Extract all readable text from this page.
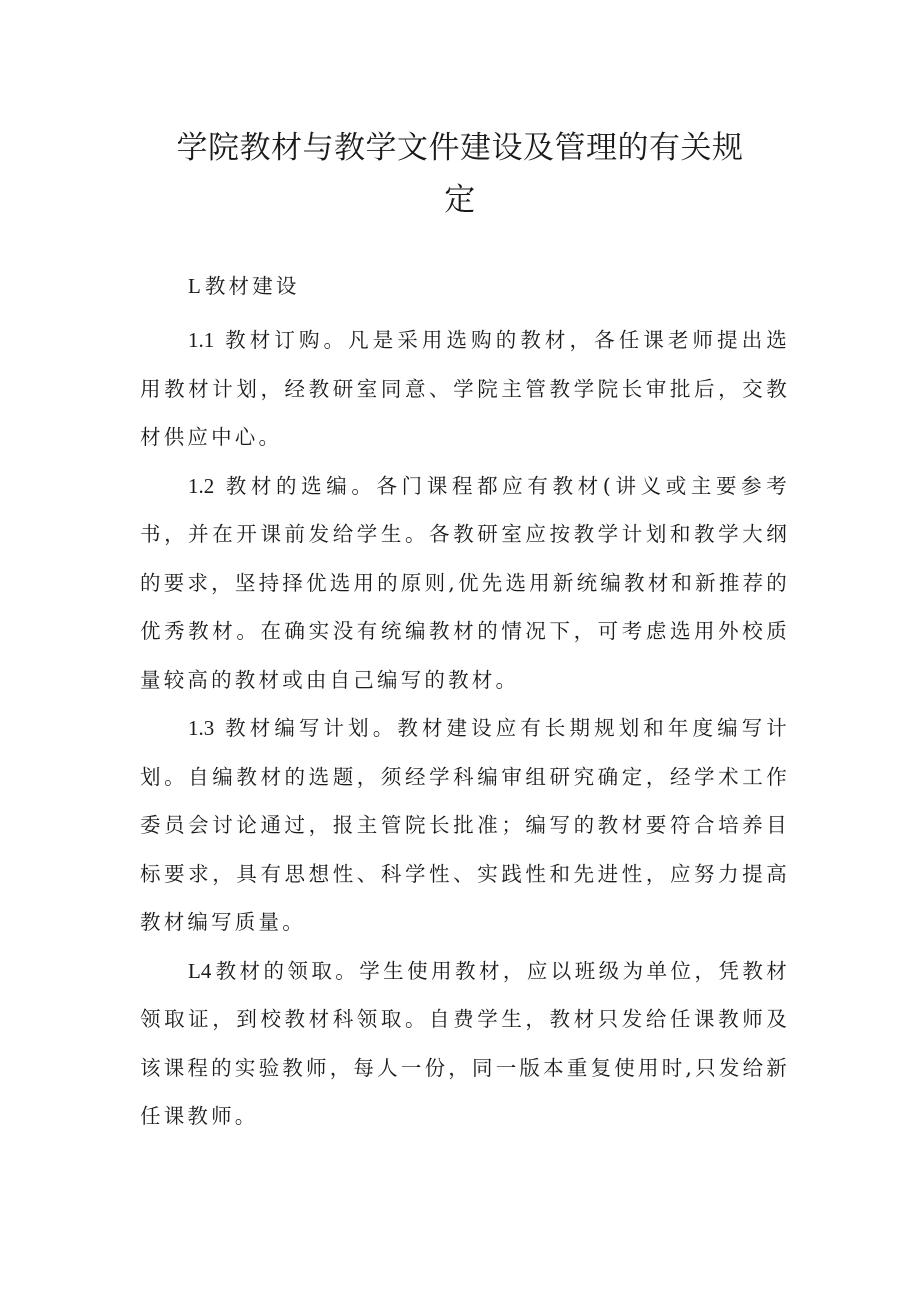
学院教材与教学文件建设及管理的有关规
定

L 教材建设

1.1 教材订购。凡是采用选购的教材，各任课老师提出选用教材计划，经教研室同意、学院主管教学院长审批后，交教材供应中心。

1.2 教材的选编。各门课程都应有教材(讲义或主要参考书，并在开课前发给学生。各教研室应按教学计划和教学大纲的要求，坚持择优选用的原则,优先选用新统编教材和新推荐的优秀教材。在确实没有统编教材的情况下，可考虑选用外校质量较高的教材或由自己编写的教材。

1.3 教材编写计划。教材建设应有长期规划和年度编写计划。自编教材的选题，须经学科编审组研究确定，经学术工作委员会讨论通过，报主管院长批准；编写的教材要符合培养目标要求，具有思想性、科学性、实践性和先进性，应努力提高教材编写质量。

L4 教材的领取。学生使用教材，应以班级为单位，凭教材领取证，到校教材科领取。自费学生，教材只发给任课教师及该课程的实验教师，每人一份，同一版本重复使用时,只发给新任课教师。
